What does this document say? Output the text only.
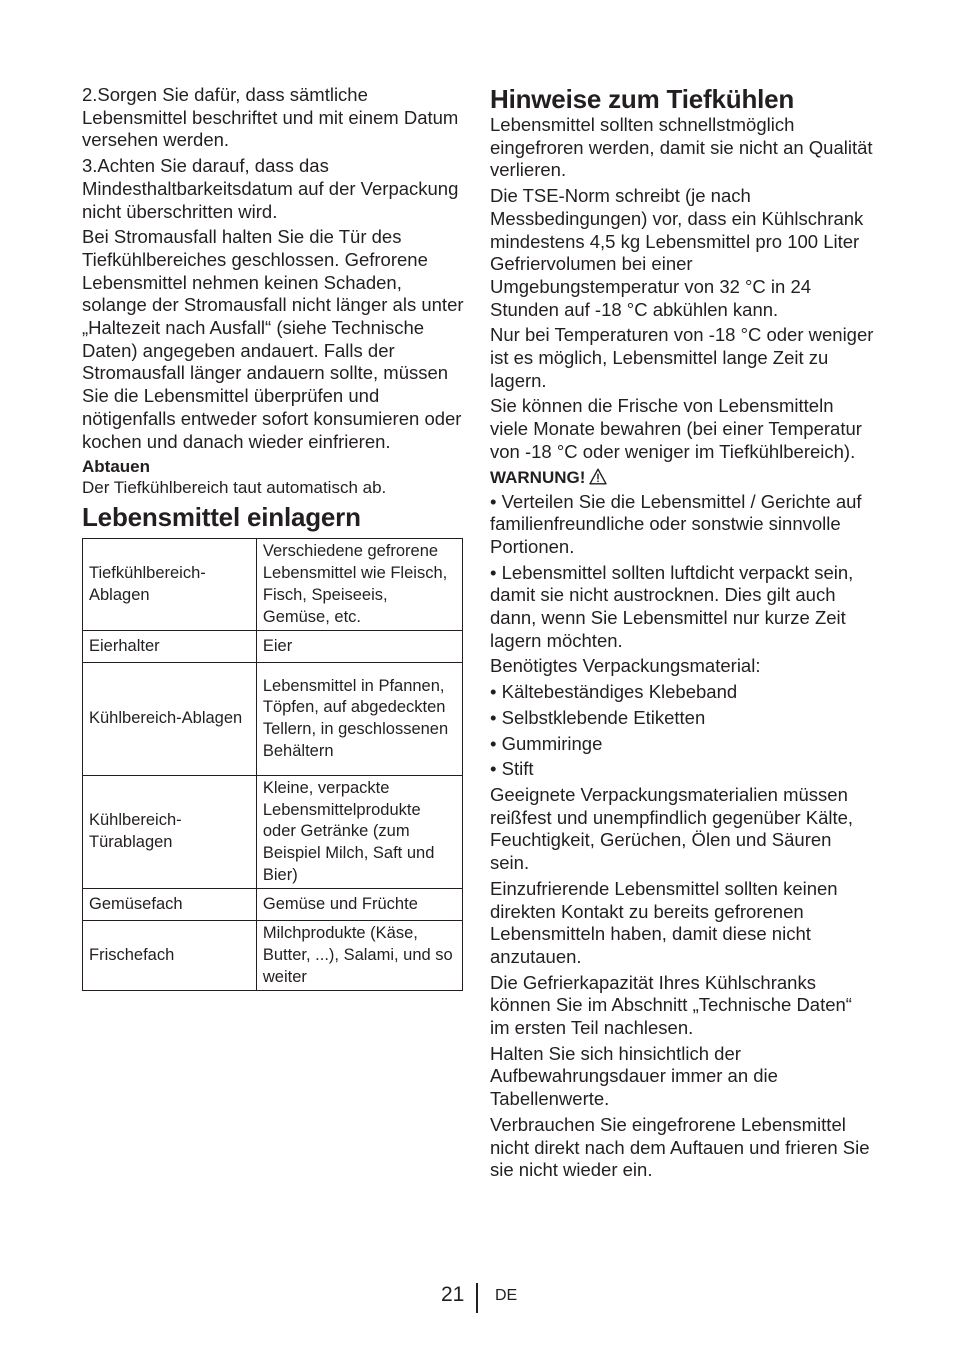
2.Sorgen Sie dafür, dass sämtliche Lebensmittel beschriftet und mit einem Datum versehen werden.

3.Achten Sie darauf, dass das Mindesthaltbarkeitsdatum auf der Verpackung nicht überschritten wird.

Bei Stromausfall halten Sie die Tür des Tiefkühlbereiches geschlossen. Gefrorene Lebensmittel nehmen keinen Schaden, solange der Stromausfall nicht länger als unter „Haltezeit nach Ausfall“ (siehe Technische Daten) angegeben andauert. Falls der Stromausfall länger andauern sollte, müssen Sie die Lebensmittel überprüfen und nötigenfalls entweder sofort konsumieren oder kochen und danach wieder einfrieren.

Abtauen
Der Tiefkühlbereich taut automatisch ab.
Lebensmittel einlagern
Tiefkühlbereich-Ablagen	Verschiedene gefrorene Lebensmittel wie Fleisch, Fisch, Speiseeis, Gemüse, etc.
Eierhalter	Eier
Kühlbereich-Ablagen	Lebensmittel in Pfannen, Töpfen, auf abgedeckten Tellern, in geschlossenen Behältern
Kühlbereich-Türablagen	Kleine, verpackte Lebensmittelprodukte oder Getränke (zum Beispiel Milch, Saft und Bier)
Gemüsefach	Gemüse und Früchte
Frischefach	Milchprodukte (Käse, Butter, ...), Salami, und so weiter
Hinweise zum Tiefkühlen

Lebensmittel sollten schnellstmöglich eingefroren werden, damit sie nicht an Qualität verlieren.

Die TSE-Norm schreibt (je nach Messbedingungen) vor, dass ein Kühlschrank mindestens 4,5 kg Lebensmittel pro 100 Liter Gefriervolumen bei einer Umgebungstemperatur von 32 °C in 24 Stunden auf -18 °C abkühlen kann.

Nur bei Temperaturen von -18 °C oder weniger ist es möglich, Lebensmittel lange Zeit zu lagern.

Sie können die Frische von Lebensmitteln viele Monate bewahren (bei einer Temperatur von -18 °C oder weniger im Tiefkühlbereich).

WARNUNG!

• Verteilen Sie die Lebensmittel / Gerichte auf familienfreundliche oder sonstwie sinnvolle Portionen.

• Lebensmittel sollten luftdicht verpackt sein, damit sie nicht austrocknen. Dies gilt auch dann, wenn Sie Lebensmittel nur kurze Zeit lagern möchten.

Benötigtes Verpackungsmaterial:

• Kältebeständiges Klebeband

• Selbstklebende Etiketten

• Gummiringe

• Stift

Geeignete Verpackungsmaterialien müssen reißfest und unempfindlich gegenüber Kälte, Feuchtigkeit, Gerüchen, Ölen und Säuren sein.

Einzufrierende Lebensmittel sollten keinen direkten Kontakt zu bereits gefrorenen Lebensmitteln haben, damit diese nicht anzutauen.

Die Gefrierkapazität Ihres Kühlschranks können Sie im Abschnitt „Technische Daten“ im ersten Teil nachlesen.

Halten Sie sich hinsichtlich der Aufbewahrungsdauer immer an die Tabellenwerte.

Verbrauchen Sie eingefrorene Lebensmittel nicht direkt nach dem Auftauen und frieren Sie sie nicht wieder ein.

21 DE
